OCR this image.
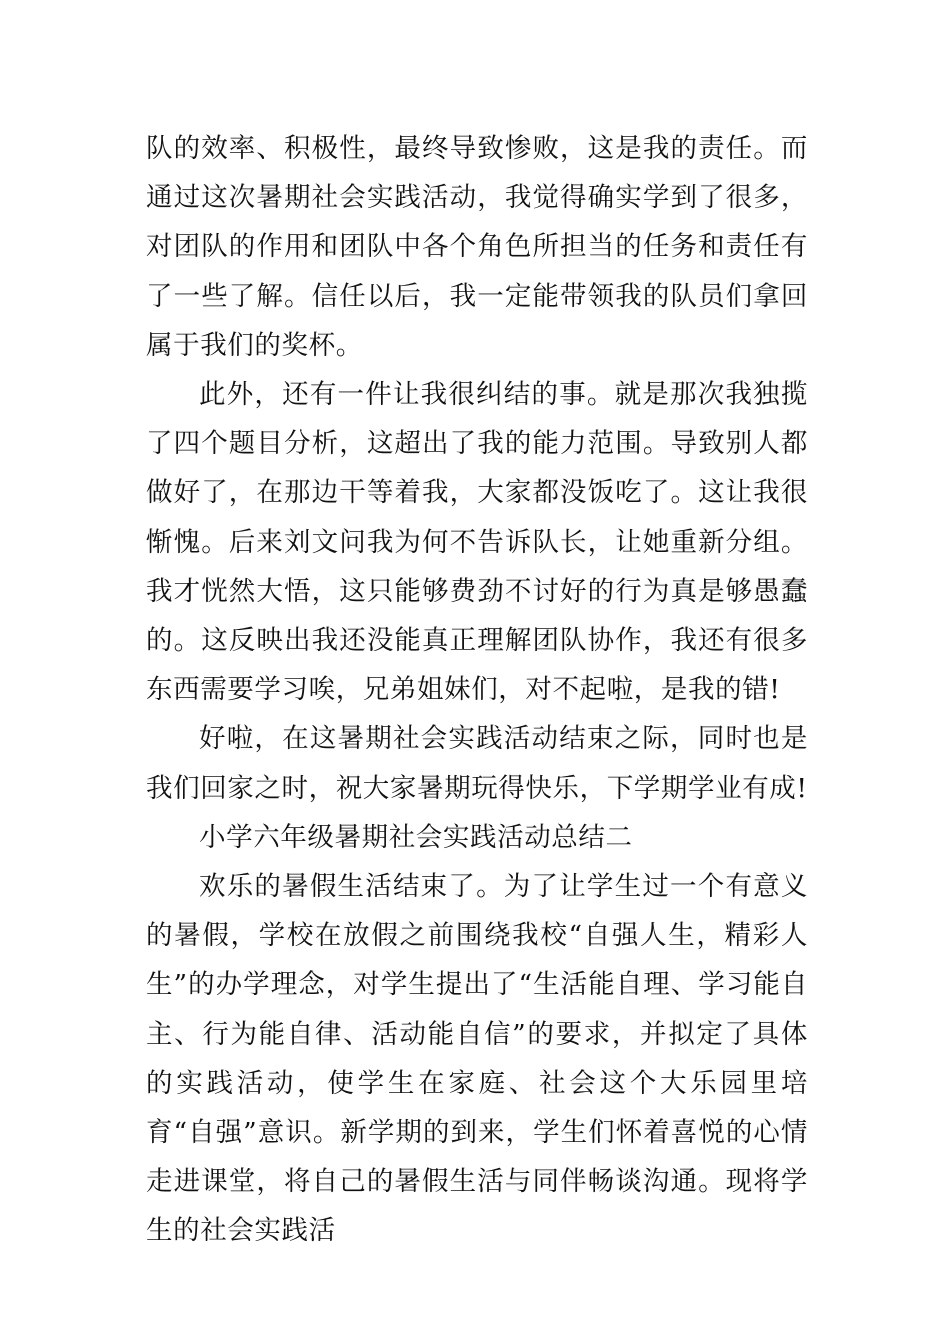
队的效率、积极性，最终导致惨败，这是我的责任。而通过这次暑期社会实践活动，我觉得确实学到了很多，对团队的作用和团队中各个角色所担当的任务和责任有了一些了解。信任以后，我一定能带领我的队员们拿回属于我们的奖杯。

此外，还有一件让我很纠结的事。就是那次我独揽了四个题目分析，这超出了我的能力范围。导致别人都做好了，在那边干等着我，大家都没饭吃了。这让我很惭愧。后来刘文问我为何不告诉队长，让她重新分组。我才恍然大悟，这只能够费劲不讨好的行为真是够愚蠢的。这反映出我还没能真正理解团队协作，我还有很多东西需要学习唉，兄弟姐妹们，对不起啦，是我的错!

好啦，在这暑期社会实践活动结束之际，同时也是我们回家之时，祝大家暑期玩得快乐，下学期学业有成!

小学六年级暑期社会实践活动总结二

欢乐的暑假生活结束了。为了让学生过一个有意义的暑假，学校在放假之前围绕我校“自强人生，精彩人生”的办学理念，对学生提出了“生活能自理、学习能自主、行为能自律、活动能自信”的要求，并拟定了具体的实践活动，使学生在家庭、社会这个大乐园里培育“自强”意识。新学期的到来，学生们怀着喜悦的心情走进课堂，将自己的暑假生活与同伴畅谈沟通。现将学生的社会实践活
